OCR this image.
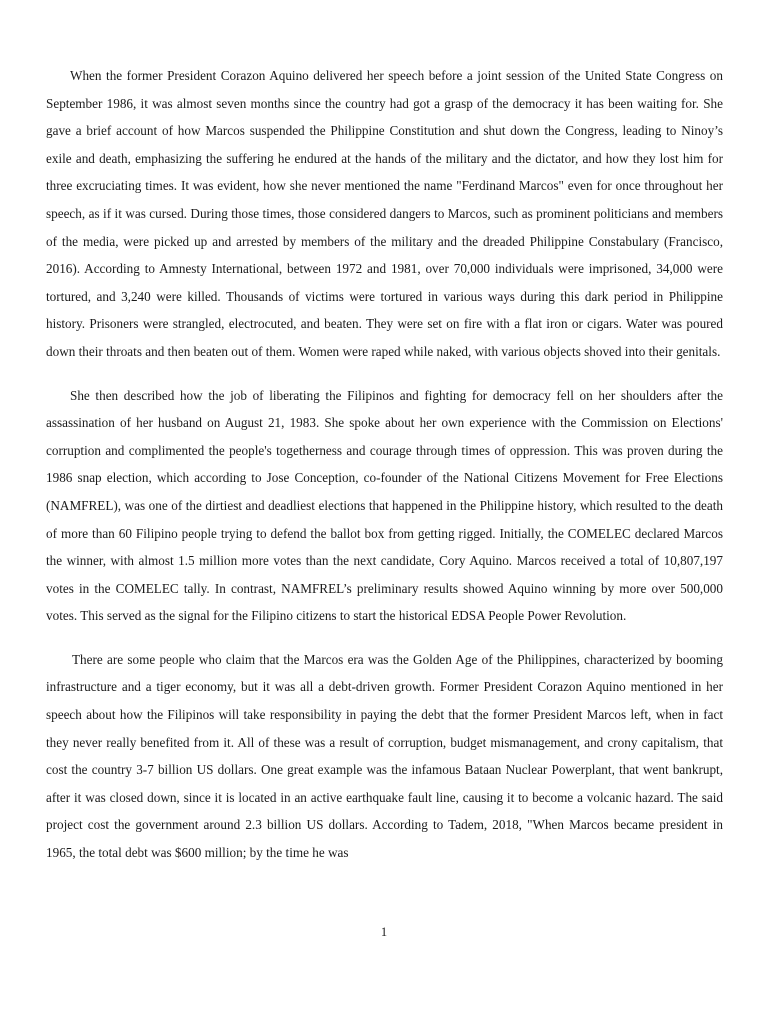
When the former President Corazon Aquino delivered her speech before a joint session of the United State Congress on September 1986, it was almost seven months since the country had got a grasp of the democracy it has been waiting for. She gave a brief account of how Marcos suspended the Philippine Constitution and shut down the Congress, leading to Ninoy’s exile and death, emphasizing the suffering he endured at the hands of the military and the dictator, and how they lost him for three excruciating times. It was evident, how she never mentioned the name "Ferdinand Marcos" even for once throughout her speech, as if it was cursed. During those times, those considered dangers to Marcos, such as prominent politicians and members of the media, were picked up and arrested by members of the military and the dreaded Philippine Constabulary (Francisco, 2016). According to Amnesty International, between 1972 and 1981, over 70,000 individuals were imprisoned, 34,000 were tortured, and 3,240 were killed. Thousands of victims were tortured in various ways during this dark period in Philippine history. Prisoners were strangled, electrocuted, and beaten. They were set on fire with a flat iron or cigars. Water was poured down their throats and then beaten out of them. Women were raped while naked, with various objects shoved into their genitals.

She then described how the job of liberating the Filipinos and fighting for democracy fell on her shoulders after the assassination of her husband on August 21, 1983. She spoke about her own experience with the Commission on Elections' corruption and complimented the people's togetherness and courage through times of oppression. This was proven during the 1986 snap election, which according to Jose Conception, co-founder of the National Citizens Movement for Free Elections (NAMFREL), was one of the dirtiest and deadliest elections that happened in the Philippine history, which resulted to the death of more than 60 Filipino people trying to defend the ballot box from getting rigged. Initially, the COMELEC declared Marcos the winner, with almost 1.5 million more votes than the next candidate, Cory Aquino. Marcos received a total of 10,807,197 votes in the COMELEC tally. In contrast, NAMFREL’s preliminary results showed Aquino winning by more over 500,000 votes. This served as the signal for the Filipino citizens to start the historical EDSA People Power Revolution.

There are some people who claim that the Marcos era was the Golden Age of the Philippines, characterized by booming infrastructure and a tiger economy, but it was all a debt-driven growth. Former President Corazon Aquino mentioned in her speech about how the Filipinos will take responsibility in paying the debt that the former President Marcos left, when in fact they never really benefited from it. All of these was a result of corruption, budget mismanagement, and crony capitalism, that cost the country 3-7 billion US dollars. One great example was the infamous Bataan Nuclear Powerplant, that went bankrupt, after it was closed down, since it is located in an active earthquake fault line, causing it to become a volcanic hazard. The said project cost the government around 2.3 billion US dollars. According to Tadem, 2018, "When Marcos became president in 1965, the total debt was $600 million; by the time he was

1
